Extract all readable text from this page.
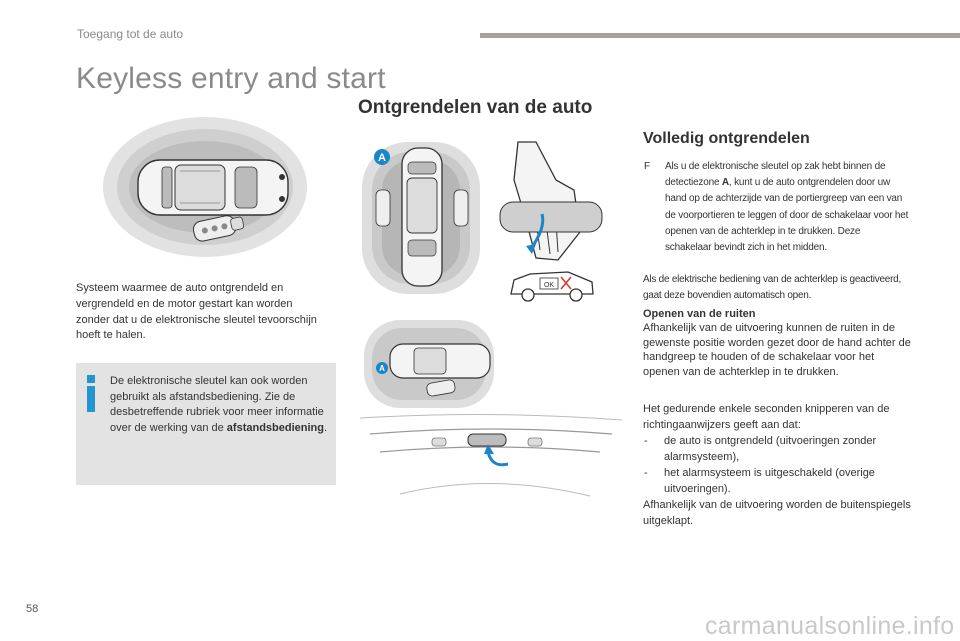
Toegang tot de auto
Keyless entry and start
Ontgrendelen van de auto
Volledig ontgrendelen
A
OK
A
F	Als u de elektronische sleutel op zak hebt binnen de detectiezone A, kunt u de auto ontgrendelen door uw hand op de achterzijde van de portiergreep van een van de voorportieren te leggen of door de schakelaar voor het openen van de achterklep in te drukken. Deze schakelaar bevindt zich in het midden.
Als de elektrische bediening van de achterklep is geactiveerd, gaat deze bovendien automatisch open.
Openen van de ruiten
Afhankelijk van de uitvoering kunnen de ruiten in de gewenste positie worden gezet door de hand achter de handgreep te houden of de schakelaar voor het openen van de achterklep in te drukken.
Het gedurende enkele seconden knipperen van de richtingaanwijzers geeft aan dat:
- de auto is ontgrendeld (uitvoeringen zonder alarmsysteem),
- het alarmsysteem is uitgeschakeld (overige uitvoeringen).
Afhankelijk van de uitvoering worden de buitenspiegels uitgeklapt.
Systeem waarmee de auto ontgrendeld en vergrendeld en de motor gestart kan worden zonder dat u de elektronische sleutel tevoorschijn hoeft te halen.
De elektronische sleutel kan ook worden gebruikt als afstandsbediening. Zie de desbetreffende rubriek voor meer informatie over de werking van de afstandsbediening.
58
carmanualsonline.info
